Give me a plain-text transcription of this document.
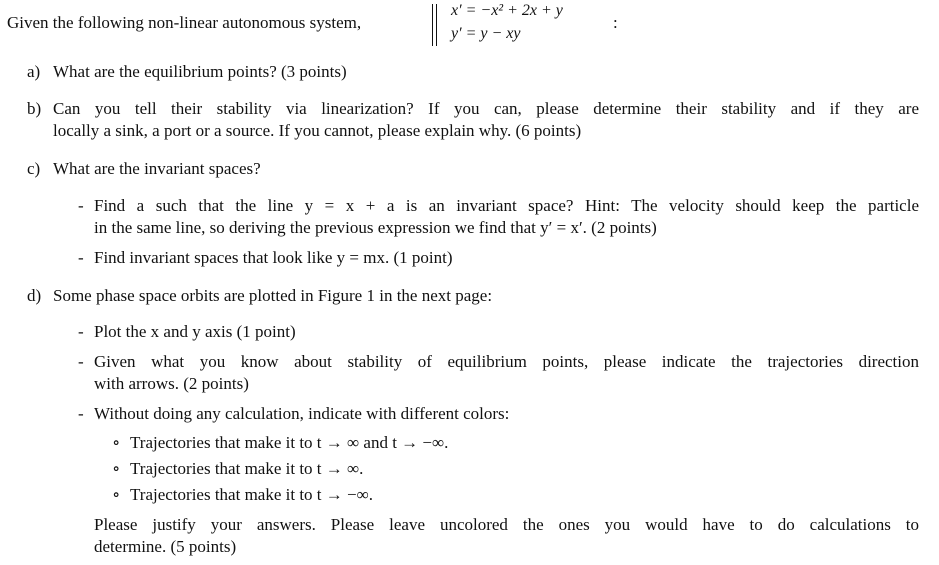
Given the following non-linear autonomous system,
x′ = −x² + 2x + y
y′ = y − xy
:
a) What are the equilibrium points? (3 points)
b) Can you tell their stability via linearization? If you can, please determine their stability and if they are
locally a sink, a port or a source. If you cannot, please explain why. (6 points)
c) What are the invariant spaces?
- Find a such that the line y = x + a is an invariant space? Hint: The velocity should keep the particle
in the same line, so deriving the previous expression we find that y′ = x′. (2 points)
- Find invariant spaces that look like y = mx. (1 point)
d) Some phase space orbits are plotted in Figure 1 in the next page:
- Plot the x and y axis (1 point)
- Given what you know about stability of equilibrium points, please indicate the trajectories direction
with arrows. (2 points)
- Without doing any calculation, indicate with different colors:
∘ Trajectories that make it to t → ∞ and t → −∞.
∘ Trajectories that make it to t → ∞.
∘ Trajectories that make it to t → −∞.
Please justify your answers. Please leave uncolored the ones you would have to do calculations to
determine. (5 points)
